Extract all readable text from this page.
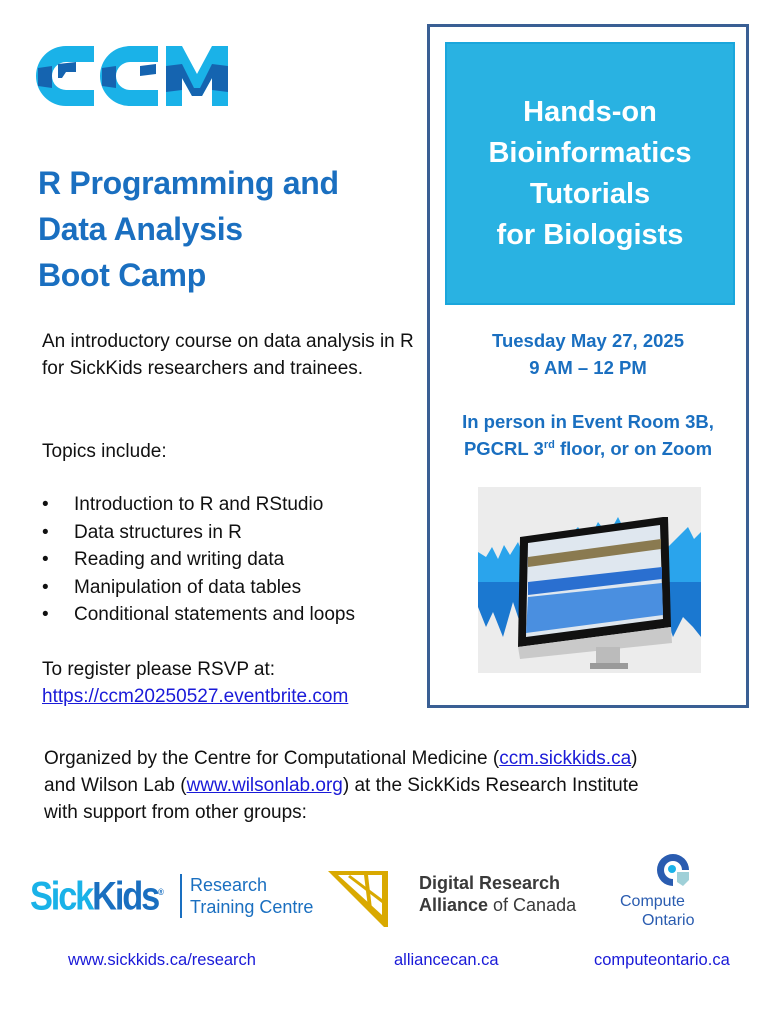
R Programming and
Data Analysis
Boot Camp
An introductory course on data analysis in R for SickKids researchers and trainees.
Topics include:
•	Introduction to R and RStudio
•	Data structures in R
•	Reading and writing data
•	Manipulation of data tables
•	Conditional statements and loops
To register please RSVP at:
https://ccm20250527.eventbrite.com
Hands-on
Bioinformatics
Tutorials
for Biologists
Tuesday May 27, 2025
9 AM – 12 PM
In person in Event Room 3B,
PGCRL 3rd floor, or on Zoom
Organized by the Centre for Computational Medicine (ccm.sickkids.ca)
and Wilson Lab (www.wilsonlab.org) at the SickKids Research Institute
with support from other groups:
SickKids®	Research
Training Centre
Digital Research
Alliance of Canada	Compute
Ontario
www.sickkids.ca/research	alliancecan.ca	computeontario.ca
